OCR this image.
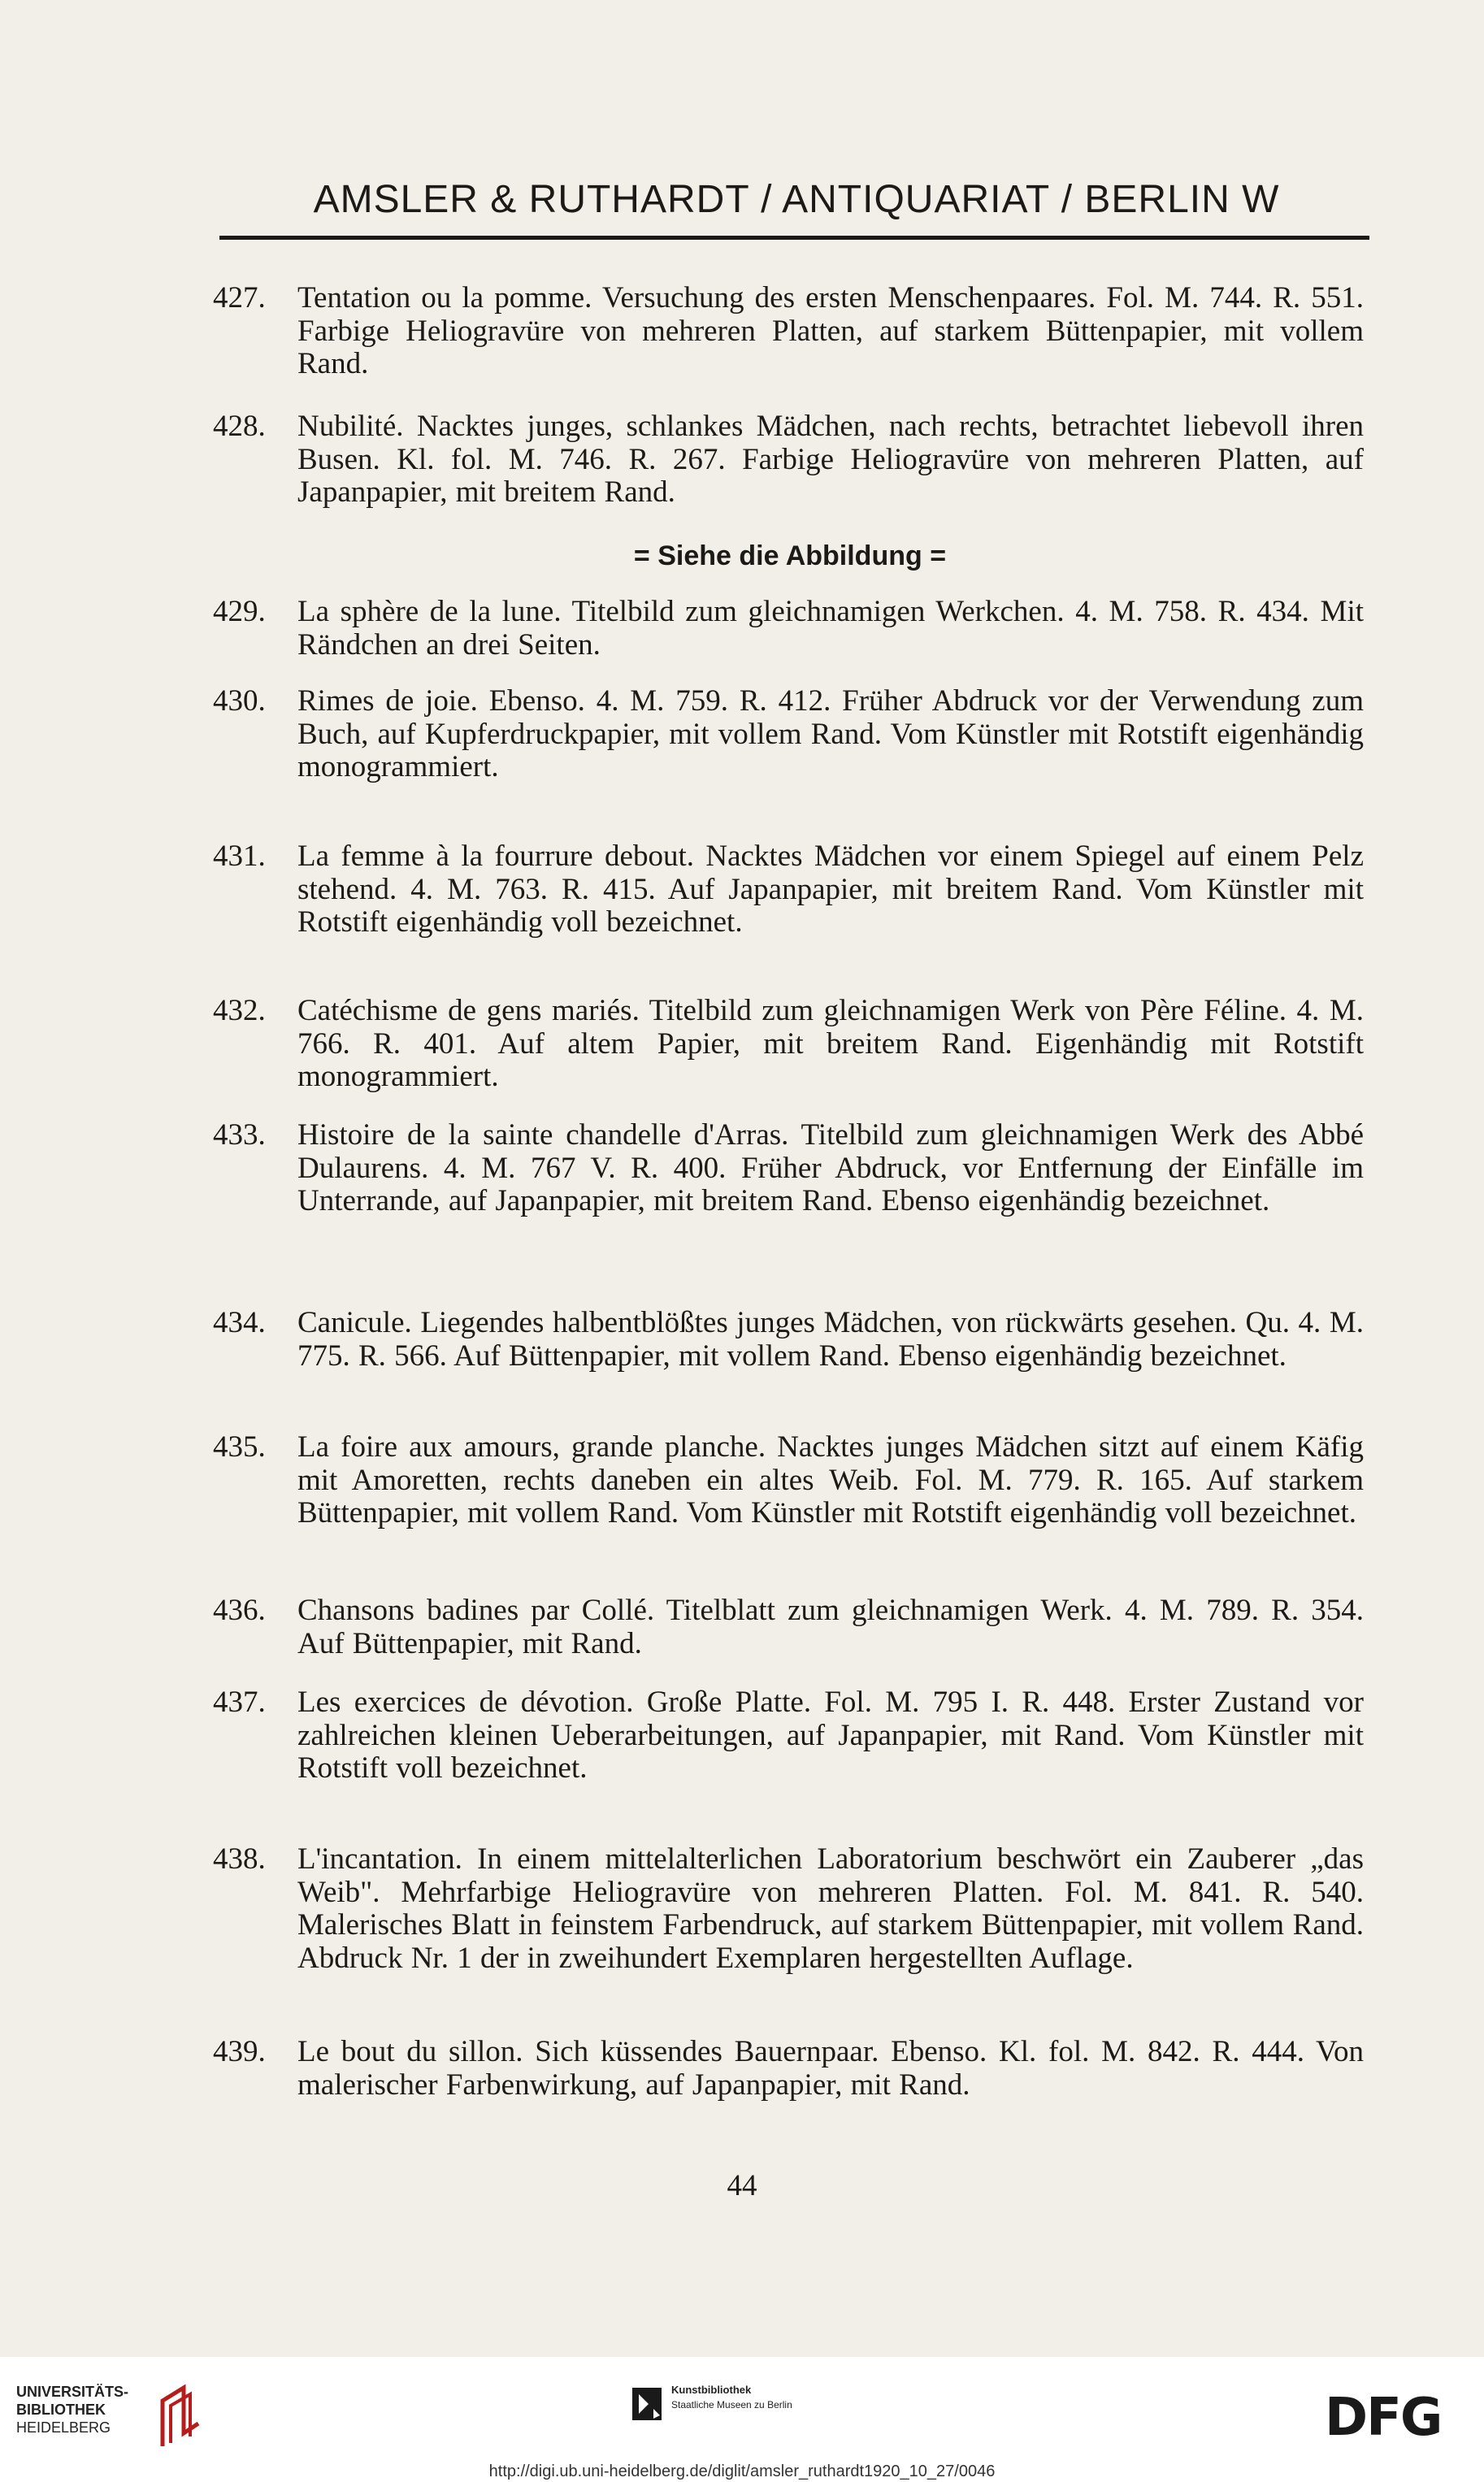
AMSLER & RUTHARDT / ANTIQUARIAT / BERLIN W
427.	Tentation ou la pomme. Versuchung des ersten Menschenpaares. Fol. M. 744. R. 551. Farbige Heliogravüre von mehreren Platten, auf starkem Büttenpapier, mit vollem Rand.
428.	Nubilité. Nacktes junges, schlankes Mädchen, nach rechts, betrachtet liebevoll ihren Busen. Kl. fol. M. 746. R. 267. Farbige Heliogravüre von mehreren Platten, auf Japanpapier, mit breitem Rand.
429.	La sphère de la lune. Titelbild zum gleichnamigen Werkchen. 4. M. 758. R. 434. Mit Rändchen an drei Seiten.
430.	Rimes de joie. Ebenso. 4. M. 759. R. 412. Früher Abdruck vor der Verwendung zum Buch, auf Kupferdruckpapier, mit vollem Rand. Vom Künstler mit Rotstift eigenhändig monogrammiert.
431.	La femme à la fourrure debout. Nacktes Mädchen vor einem Spiegel auf einem Pelz stehend. 4. M. 763. R. 415. Auf Japanpapier, mit breitem Rand. Vom Künstler mit Rotstift eigenhändig voll bezeichnet.
432.	Catéchisme de gens mariés. Titelbild zum gleichnamigen Werk von Père Féline. 4. M. 766. R. 401. Auf altem Papier, mit breitem Rand. Eigenhändig mit Rotstift monogrammiert.
433.	Histoire de la sainte chandelle d'Arras. Titelbild zum gleichnamigen Werk des Abbé Dulaurens. 4. M. 767 V. R. 400. Früher Abdruck, vor Entfernung der Einfälle im Unterrande, auf Japanpapier, mit breitem Rand. Ebenso eigenhändig bezeichnet.
434.	Canicule. Liegendes halbentblößtes junges Mädchen, von rückwärts gesehen. Qu. 4. M. 775. R. 566. Auf Büttenpapier, mit vollem Rand. Ebenso eigenhändig bezeichnet.
435.	La foire aux amours, grande planche. Nacktes junges Mädchen sitzt auf einem Käfig mit Amoretten, rechts daneben ein altes Weib. Fol. M. 779. R. 165. Auf starkem Büttenpapier, mit vollem Rand. Vom Künstler mit Rotstift eigenhändig voll bezeichnet.
436.	Chansons badines par Collé. Titelblatt zum gleichnamigen Werk. 4. M. 789. R. 354. Auf Büttenpapier, mit Rand.
437.	Les exercices de dévotion. Große Platte. Fol. M. 795 I. R. 448. Erster Zustand vor zahlreichen kleinen Ueberarbeitungen, auf Japanpapier, mit Rand. Vom Künstler mit Rotstift voll bezeichnet.
438.	L'incantation. In einem mittelalterlichen Laboratorium beschwört ein Zauberer „das Weib". Mehrfarbige Heliogravüre von mehreren Platten. Fol. M. 841. R. 540. Malerisches Blatt in feinstem Farbendruck, auf starkem Büttenpapier, mit vollem Rand. Abdruck Nr. 1 der in zweihundert Exemplaren hergestellten Auflage.
439.	Le bout du sillon. Sich küssendes Bauernpaar. Ebenso. Kl. fol. M. 842. R. 444. Von malerischer Farbenwirkung, auf Japanpapier, mit Rand.
= Siehe die Abbildung =
44
UNIVERSITÄTS-
BIBLIOTHEK
HEIDELBERG
Kunstbibliothek
Staatliche Museen zu Berlin	DFG
http://digi.ub.uni-heidelberg.de/diglit/amsler_ruthardt1920_10_27/0046
